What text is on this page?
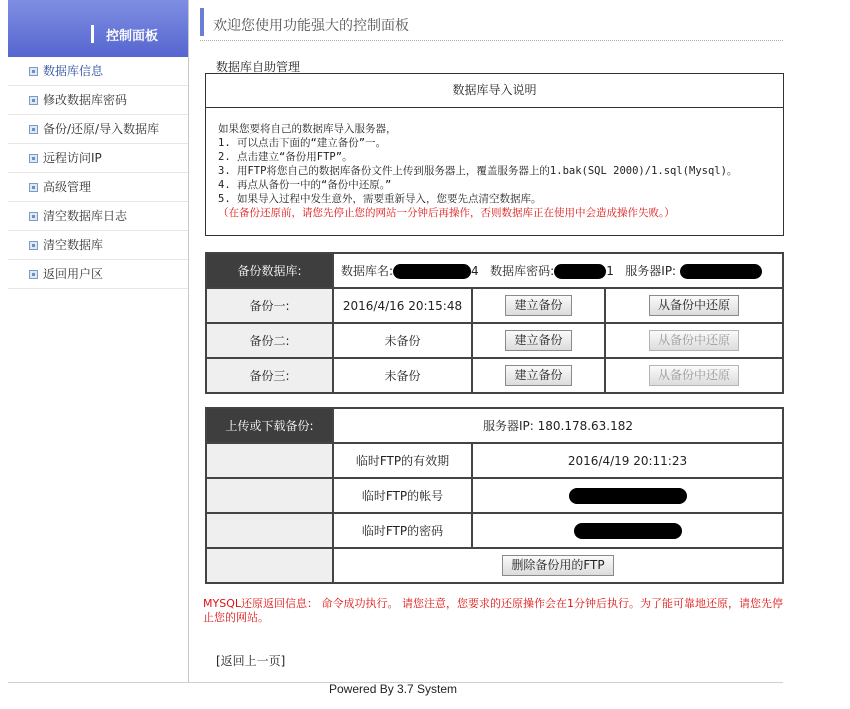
控制面板
数据库信息
修改数据库密码
备份/还原/导入数据库
远程访问IP
高级管理
清空数据库日志
清空数据库
返回用户区
欢迎您使用功能强大的控制面板
数据库自助管理
数据库导入说明
如果您要将自己的数据库导入服务器，
1. 可以点击下面的“建立备份”一。
2. 点击建立“备份用FTP”。
3. 用FTP将您自己的数据库备份文件上传到服务器上，覆盖服务器上的1.bak(SQL 2000)/1.sql(Mysql)。
4. 再点从备份一中的“备份中还原。”
5. 如果导入过程中发生意外，需要重新导入，您要先点清空数据库。
（在备份还原前，请您先停止您的网站一分钟后再操作，否则数据库正在使用中会造成操作失败。）
备份数据库:	数据库名: 4 数据库密码: 1 服务器IP:		
备份一:	2016/4/16 20:15:48	建立备份	从备份中还原
备份二:	未备份	建立备份	从备份中还原
备份三:	未备份	建立备份	从备份中还原
上传或下载备份:	服务器IP: 180.178.63.182	
	临时FTP的有效期	2016/4/19 20:11:23
	临时FTP的帐号	
	临时FTP的密码	
	删除备份用的FTP	
MYSQL还原返回信息： 命令成功执行。 请您注意，您要求的还原操作会在1分钟后执行。为了能可靠地还原，请您先停止您的网站。
[返回上一页]
Powered By 3.7 System
